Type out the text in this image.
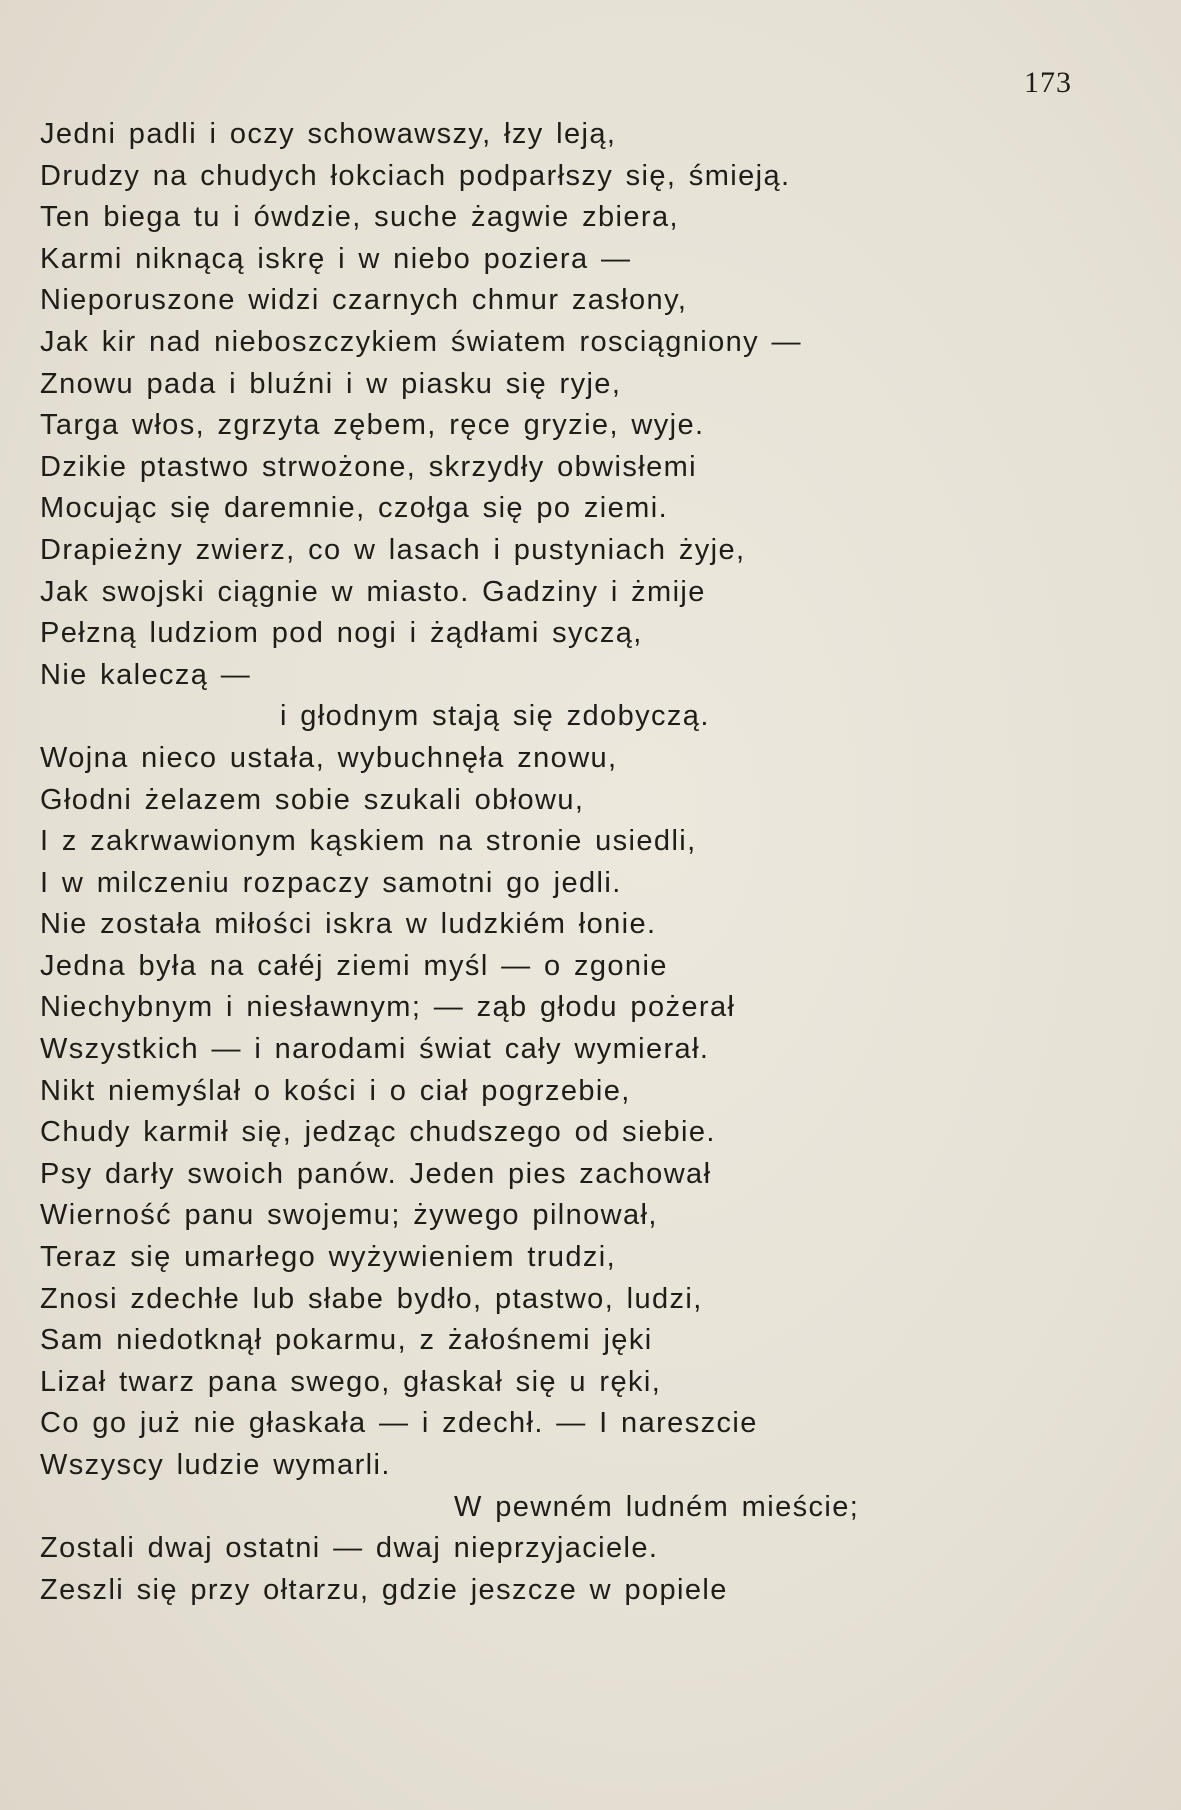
173
Jedni padli i oczy schowawszy, łzy leją,
Drudzy na chudych łokciach podparłszy się, śmieją.
Ten biega tu i ówdzie, suche żagwie zbiera,
Karmi niknącą iskrę i w niebo poziera —
Nieporuszone widzi czarnych chmur zasłony,
Jak kir nad nieboszczykiem światem rosciągniony —
Znowu pada i bluźni i w piasku się ryje,
Targa włos, zgrzyta zębem, ręce gryzie, wyje.
Dzikie ptastwo strwożone, skrzydły obwisłemi
Mocując się daremnie, czołga się po ziemi.
Drapieżny zwierz, co w lasach i pustyniach żyje,
Jak swojski ciągnie w miasto. Gadziny i żmije
Pełzną ludziom pod nogi i żądłami syczą,
Nie kaleczą —
i głodnym stają się zdobyczą.
Wojna nieco ustała, wybuchnęła znowu,
Głodni żelazem sobie szukali obłowu,
I z zakrwawionym kąskiem na stronie usiedli,
I w milczeniu rozpaczy samotni go jedli.
Nie została miłości iskra w ludzkiém łonie.
Jedna była na całéj ziemi myśl — o zgonie
Niechybnym i niesławnym; — ząb głodu pożerał
Wszystkich — i narodami świat cały wymierał.
Nikt niemyślał o kości i o ciał pogrzebie,
Chudy karmił się, jedząc chudszego od siebie.
Psy darły swoich panów. Jeden pies zachował
Wierność panu swojemu; żywego pilnował,
Teraz się umarłego wyżywieniem trudzi,
Znosi zdechłe lub słabe bydło, ptastwo, ludzi,
Sam niedotknął pokarmu, z żałośnemi jęki
Lizał twarz pana swego, głaskał się u ręki,
Co go już nie głaskała — i zdechł. — I nareszcie
Wszyscy ludzie wymarli.
W pewném ludném mieście;
Zostali dwaj ostatni — dwaj nieprzyjaciele.
Zeszli się przy ołtarzu, gdzie jeszcze w popiele
